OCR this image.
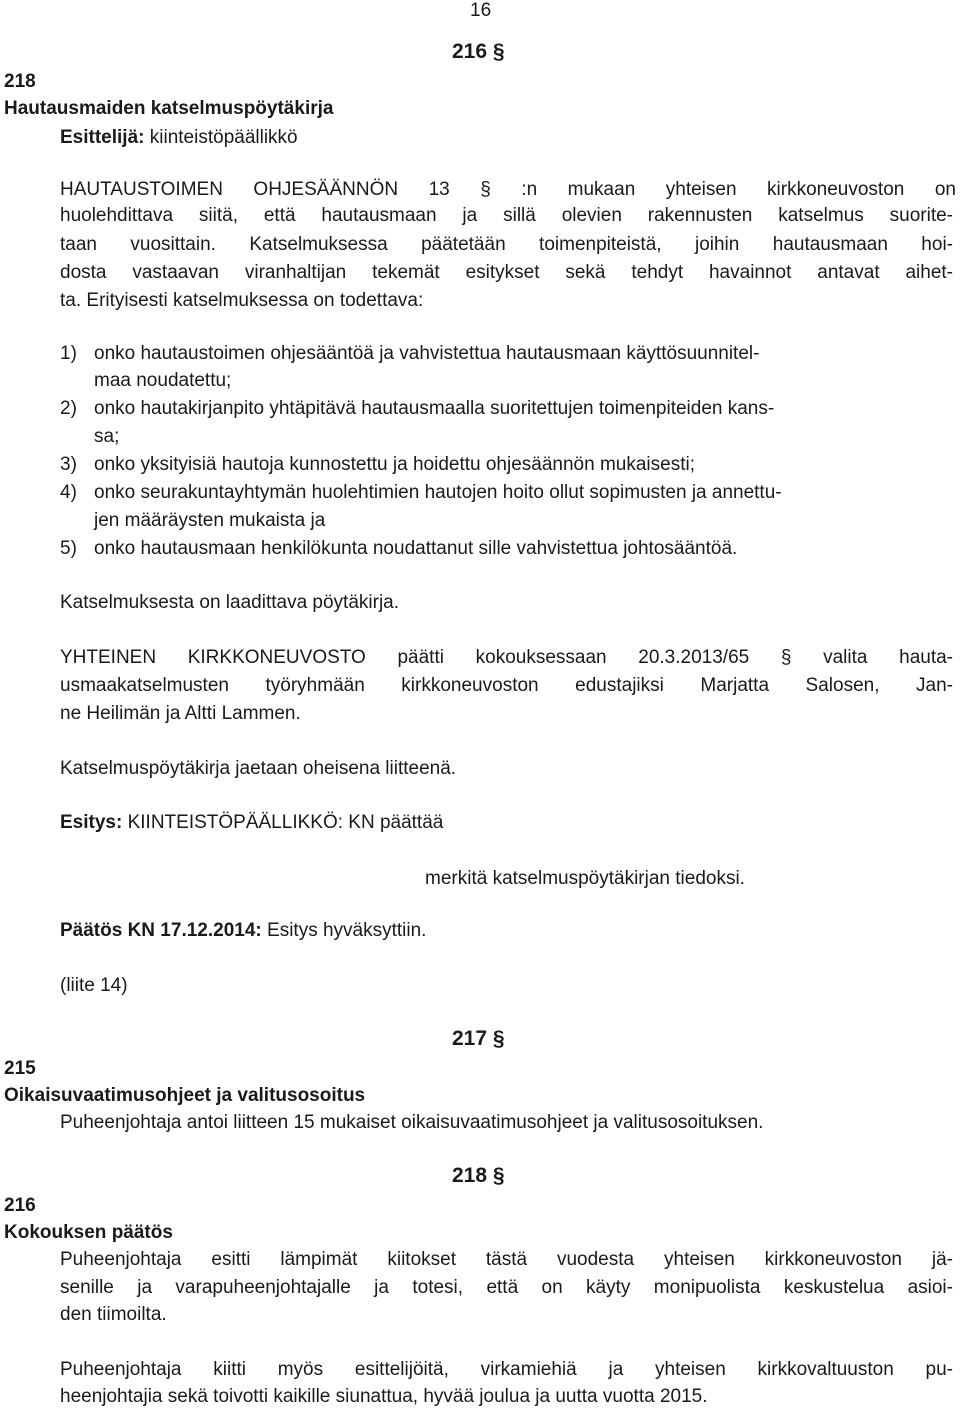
16
216 §
218
Hautausmaiden katselmuspöytäkirja
Esittelijä: kiinteistöpäällikkö
HAUTAUSTOIMEN OHJESÄÄNNÖN 13 § :n mukaan yhteisen kirkkoneuvoston on
huolehdittava siitä, että hautausmaan ja sillä olevien rakennusten katselmus suorite-
taan vuosittain. Katselmuksessa päätetään toimenpiteistä, joihin hautausmaan hoi-
dosta vastaavan viranhaltijan tekemät esitykset sekä tehdyt havainnot antavat aihet-
ta. Erityisesti katselmuksessa on todettava:
1) onko hautaustoimen ohjesääntöä ja vahvistettua hautausmaan käyttösuunnitel-
maa noudatettu;
2) onko hautakirjanpito yhtäpitävä hautausmaalla suoritettujen toimenpiteiden kans-
sa;
3) onko yksityisiä hautoja kunnostettu ja hoidettu ohjesäännön mukaisesti;
4) onko seurakuntayhtymän huolehtimien hautojen hoito ollut sopimusten ja annettu-
jen määräysten mukaista ja
5) onko hautausmaan henkilökunta noudattanut sille vahvistettua johtosääntöä.
Katselmuksesta on laadittava pöytäkirja.
YHTEINEN KIRKKONEUVOSTO päätti kokouksessaan 20.3.2013/65 § valita hauta-
usmaakatselmusten työryhmään kirkkoneuvoston edustajiksi Marjatta Salosen, Jan-
ne Heilimän ja Altti Lammen.
Katselmuspöytäkirja jaetaan oheisena liitteenä.
Esitys: KIINTEISTÖPÄÄLLIKKÖ: KN päättää
merkitä katselmuspöytäkirjan tiedoksi.
Päätös KN 17.12.2014: Esitys hyväksyttiin.
(liite 14)
217 §
215
Oikaisuvaatimusohjeet ja valitusosoitus
Puheenjohtaja antoi liitteen 15 mukaiset oikaisuvaatimusohjeet ja valitusosoituksen.
218 §
216
Kokouksen päätös
Puheenjohtaja esitti lämpimät kiitokset tästä vuodesta yhteisen kirkkoneuvoston jä-
senille ja varapuheenjohtajalle ja totesi, että on käyty monipuolista keskustelua asioi-
den tiimoilta.
Puheenjohtaja kiitti myös esittelijöitä, virkamiehiä ja yhteisen kirkkovaltuuston pu-
heenjohtajia sekä toivotti kaikille siunattua, hyvää joulua ja uutta vuotta 2015.
